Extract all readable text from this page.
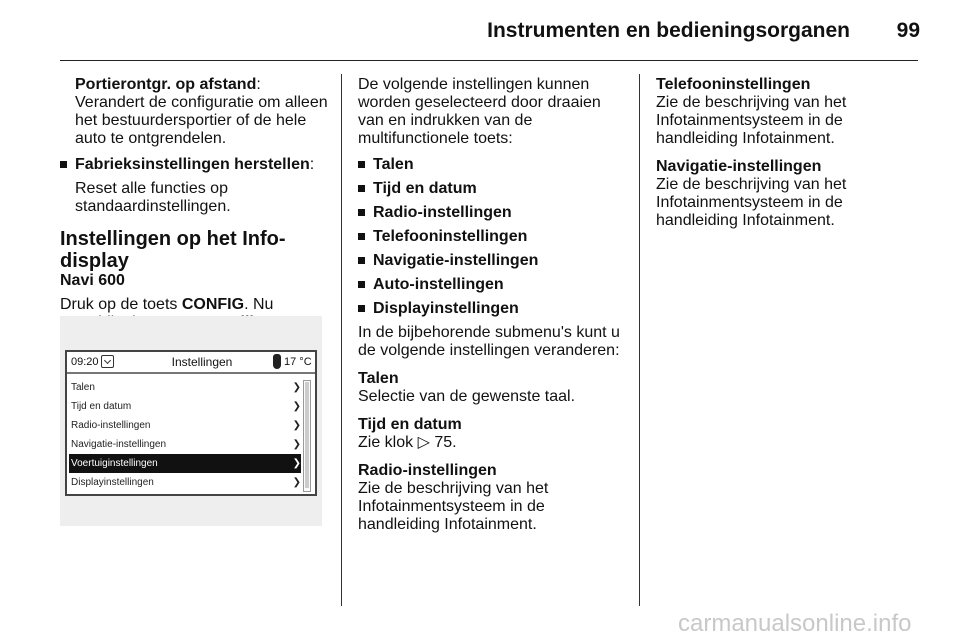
Instrumenten en bedieningsorganen 99

Portierontgr. op afstand: Verandert de configuratie om alleen het bestuurdersportier of de hele auto te ontgrendelen.

Fabrieksinstellingen herstellen:

Reset alle functies op standaardinstellingen.

Instellingen op het Info-display
Navi 600

Druk op de toets CONFIG. Nu

09:20	Instellingen	17 °C
Talen	❯
Tijd en datum	❯
Radio-instellingen	❯
Navigatie-instellingen	❯
Voertuiginstellingen	❯
Displayinstellingen	❯

De volgende instellingen kunnen worden geselecteerd door draaien van en indrukken van de multifunctionele toets:

Talen
Tijd en datum
Radio-instellingen
Telefooninstellingen
Navigatie-instellingen
Auto-instellingen
Displayinstellingen

In de bijbehorende submenu's kunt u de volgende instellingen veranderen:

Talen
Selectie van de gewenste taal.
Tijd en datum
Zie klok ▷ 75.
Radio-instellingen
Zie de beschrijving van het Infotainmentsysteem in de handleiding Infotainment.
Telefooninstellingen
Zie de beschrijving van het Infotainmentsysteem in de handleiding Infotainment.
Navigatie-instellingen
Zie de beschrijving van het Infotainmentsysteem in de handleiding Infotainment.
carmanualsonline.info
